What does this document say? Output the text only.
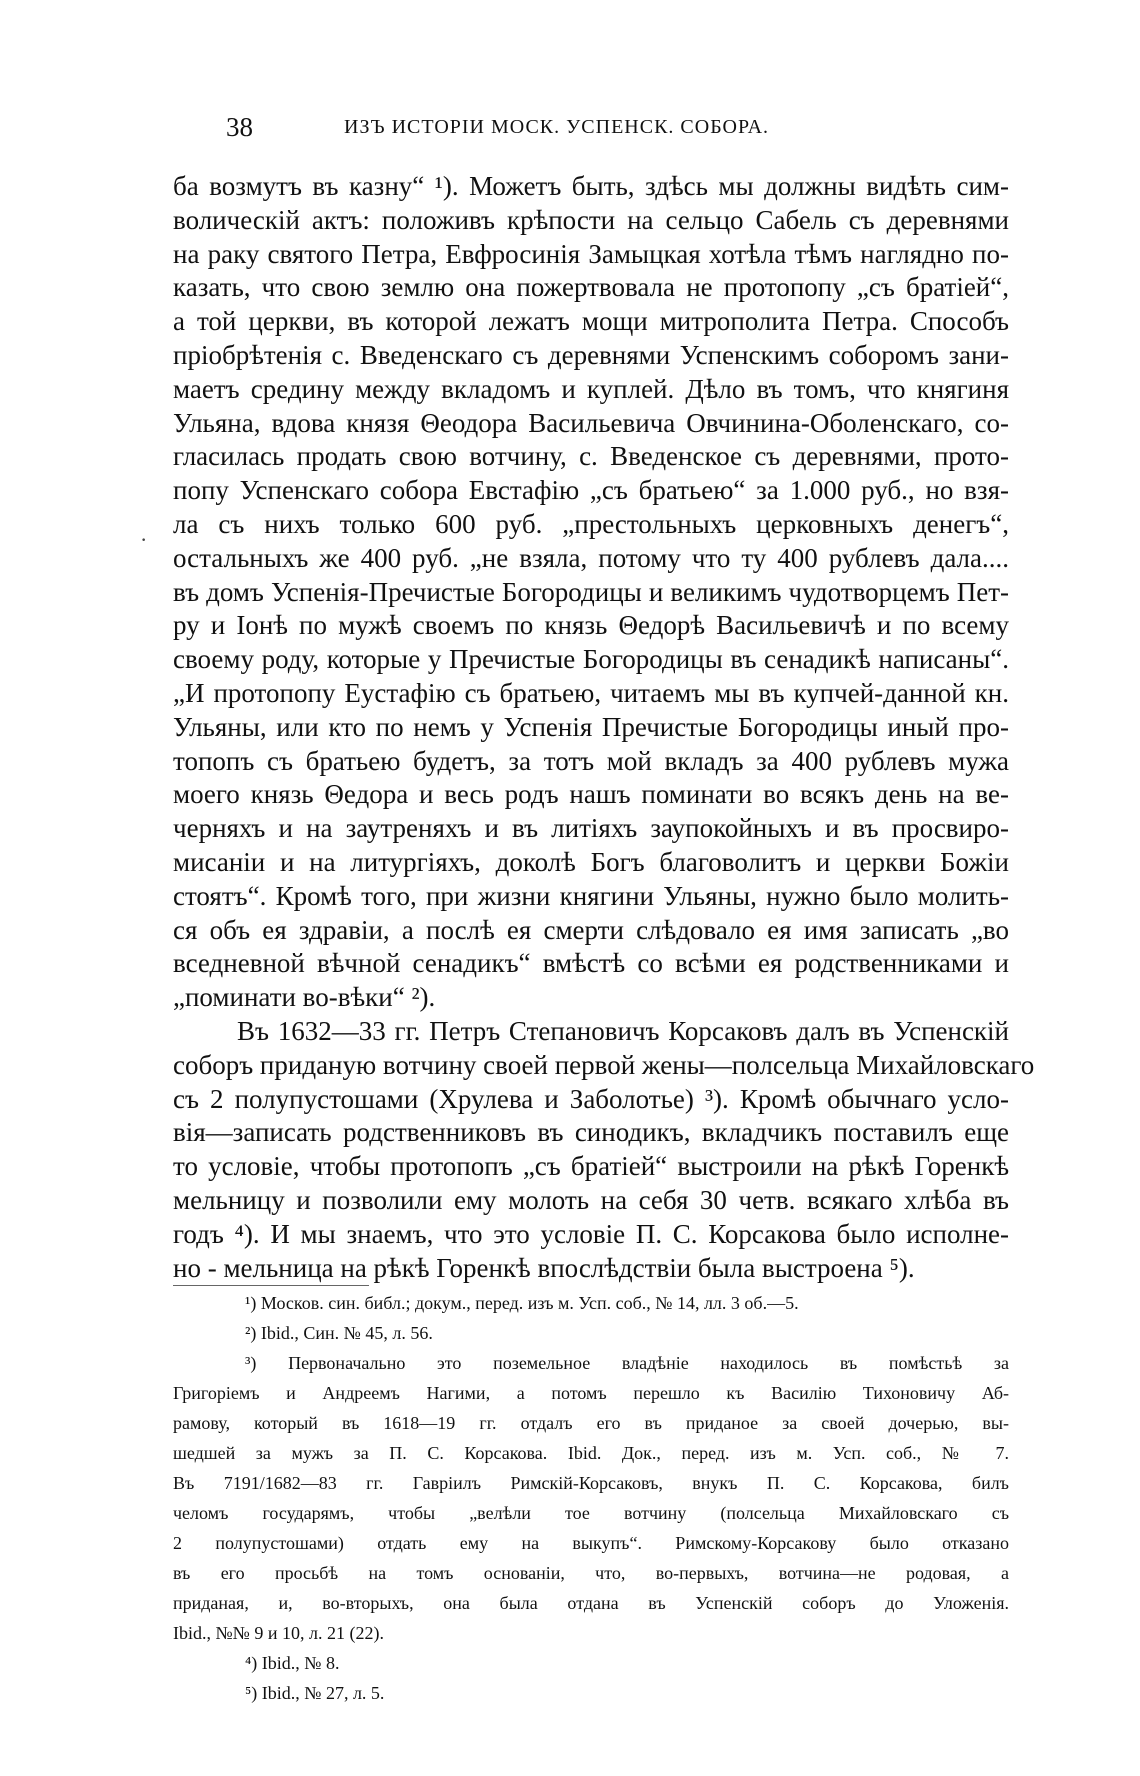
38	ИЗЪ ИСТОРІИ МОСК. УСПЕНСК. СОБОРА.
·
ба возмутъ въ казну“ ¹). Можетъ быть, здѣсь мы должны видѣть сим-
волическій актъ: положивъ крѣпости на сельцо Сабель съ деревнями
на раку святого Петра, Евфросинія Замыцкая хотѣла тѣмъ наглядно по-
казать, что свою землю она пожертвовала не протопопу „съ братіей“,
а той церкви, въ которой лежатъ мощи митрополита Петра. Способъ
пріобрѣтенія с. Введенскаго съ деревнями Успенскимъ соборомъ зани-
маетъ средину между вкладомъ и куплей. Дѣло въ томъ, что княгиня
Ульяна, вдова князя Θеодора Васильевича Овчинина-Оболенскаго, со-
гласилась продать свою вотчину, с. Введенское съ деревнями, прото-
попу Успенскаго собора Евстафію „съ братьею“ за 1.000 руб., но взя-
ла съ нихъ только 600 руб. „престольныхъ церковныхъ денегъ“,
остальныхъ же 400 руб. „не взяла, потому что ту 400 рублевъ дала....
въ домъ Успенія-Пречистые Богородицы и великимъ чудотворцемъ Пет-
ру и Іонѣ по мужѣ своемъ по князь Θедорѣ Васильевичѣ и по всему
своему роду, которые у Пречистые Богородицы въ сенадикѣ написаны“.
„И протопопу Еустафію съ братьею, читаемъ мы въ купчей-данной кн.
Ульяны, или кто по немъ у Успенія Пречистые Богородицы иный про-
топопъ съ братьею будетъ, за тотъ мой вкладъ за 400 рублевъ мужа
моего князь Θедора и весь родъ нашъ поминати во всякъ день на ве-
черняхъ и на заутреняхъ и въ литіяхъ заупокойныхъ и въ просвиро-
мисаніи и на литургіяхъ, доколѣ Богъ благоволитъ и церкви Божіи
стоятъ“. Кромѣ того, при жизни княгини Ульяны, нужно было молить-
ся объ ея здравіи, а послѣ ея смерти слѣдовало ея имя записать „во
вседневной вѣчной сенадикъ“ вмѣстѣ со всѣми ея родственниками и
„поминати во-вѣки“ ²).
Въ 1632—33 гг. Петръ Степановичъ Корсаковъ далъ въ Успенскій
соборъ приданую вотчину своей первой жены—полсельца Михайловскаго
съ 2 полупустошами (Хрулева и Заболотье) ³). Кромѣ обычнаго усло-
вія—записать родственниковъ въ синодикъ, вкладчикъ поставилъ еще
то условіе, чтобы протопопъ „съ братіей“ выстроили на рѣкѣ Горенкѣ
мельницу и позволили ему молоть на себя 30 четв. всякаго хлѣба въ
годъ ⁴). И мы знаемъ, что это условіе П. С. Корсакова было исполне-
но - мельница на рѣкѣ Горенкѣ впослѣдствіи была выстроена ⁵).
¹) Москов. син. библ.; докум., перед. изъ м. Усп. соб., № 14, лл. 3 об.—5.
²) Ibid., Син. № 45, л. 56.
³) Первоначально это поземельное владѣніе находилось въ помѣстьѣ за
Григоріемъ и Андреемъ Нагими, а потомъ перешло къ Василію Тихоновичу Аб-
рамову, который въ 1618—19 гг. отдалъ его въ приданое за своей дочерью, вы-
шедшей за мужъ за П. С. Корсакова. Ibid. Док., перед. изъ м. Усп. соб., № 7.
Въ 7191/1682—83 гг. Гавріилъ Римскій-Корсаковъ, внукъ П. С. Корсакова, билъ
челомъ государямъ, чтобы „велѣли тое вотчину (полсельца Михайловскаго съ
2 полупустошами) отдать ему на выкупъ“. Римскому-Корсакову было отказано
въ его просьбѣ на томъ основаніи, что, во-первыхъ, вотчина—не родовая, а
приданая, и, во-вторыхъ, она была отдана въ Успенскій соборъ до Уложенія.
Ibid., №№ 9 и 10, л. 21 (22).
⁴) Ibid., № 8.
⁵) Ibid., № 27, л. 5.
